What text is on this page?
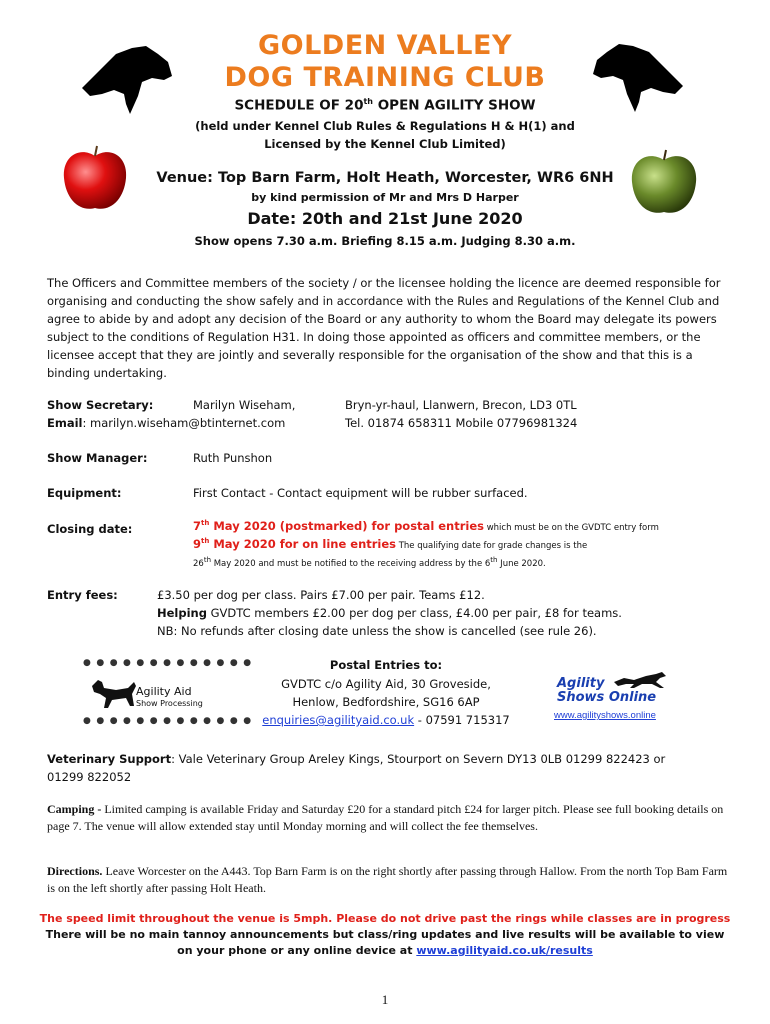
GOLDEN VALLEY
DOG TRAINING CLUB
SCHEDULE OF 20th OPEN AGILITY SHOW
(held under Kennel Club Rules & Regulations H & H(1) and
Licensed by the Kennel Club Limited)
Venue: Top Barn Farm, Holt Heath, Worcester, WR6 6NH
by kind permission of Mr and Mrs D Harper
Date: 20th and 21st June 2020
Show opens 7.30 a.m. Briefing 8.15 a.m. Judging 8.30 a.m.
The Officers and Committee members of the society / or the licensee holding the licence are deemed responsible for organising and conducting the show safely and in accordance with the Rules and Regulations of the Kennel Club and agree to abide by and adopt any decision of the Board or any authority to whom the Board may delegate its powers subject to the conditions of Regulation H31. In doing those appointed as officers and committee members, or the licensee accept that they are jointly and severally responsible for the organisation of the show and that this is a binding undertaking.
Show Secretary:	Marilyn Wiseham,	Bryn-yr-haul, Llanwern, Brecon, LD3 0TL
Email: marilyn.wiseham@btinternet.com	Tel. 01874 658311 Mobile 07796981324
Show Manager:	Ruth Punshon
Equipment:	First Contact - Contact equipment will be rubber surfaced.
Closing date:	7th May 2020 (postmarked) for postal entries which must be on the GVDTC entry form
9th May 2020 for on line entries The qualifying date for grade changes is the
26th May 2020 and must be notified to the receiving address by the 6th June 2020.
Entry fees:	£3.50 per dog per class. Pairs £7.00 per pair. Teams £12.
Helping GVDTC members £2.00 per dog per class, £4.00 per pair, £8 for teams.
NB: No refunds after closing date unless the show is cancelled (see rule 26).
●●●●●●●●●●●●●
Agility Aid
Show Processing
●●●●●●●●●●●●●
Postal Entries to:
GVDTC c/o Agility Aid, 30 Groveside,
Henlow, Bedfordshire, SG16 6AP
enquiries@agilityaid.co.uk - 07591 715317
Agility
Shows Online
www.agilityshows.online
Veterinary Support: Vale Veterinary Group Areley Kings, Stourport on Severn DY13 0LB 01299 822423 or
01299 822052
Camping - Limited camping is available Friday and Saturday £20 for a standard pitch £24 for larger pitch. Please see full booking details on page 7. The venue will allow extended stay until Monday morning and will collect the fee themselves.
Directions. Leave Worcester on the A443. Top Barn Farm is on the right shortly after passing through Hallow. From the north Top Bam Farm is on the left shortly after passing Holt Heath.
The speed limit throughout the venue is 5mph. Please do not drive past the rings while classes are in progress
There will be no main tannoy announcements but class/ring updates and live results will be available to view
on your phone or any online device at www.agilityaid.co.uk/results
1
